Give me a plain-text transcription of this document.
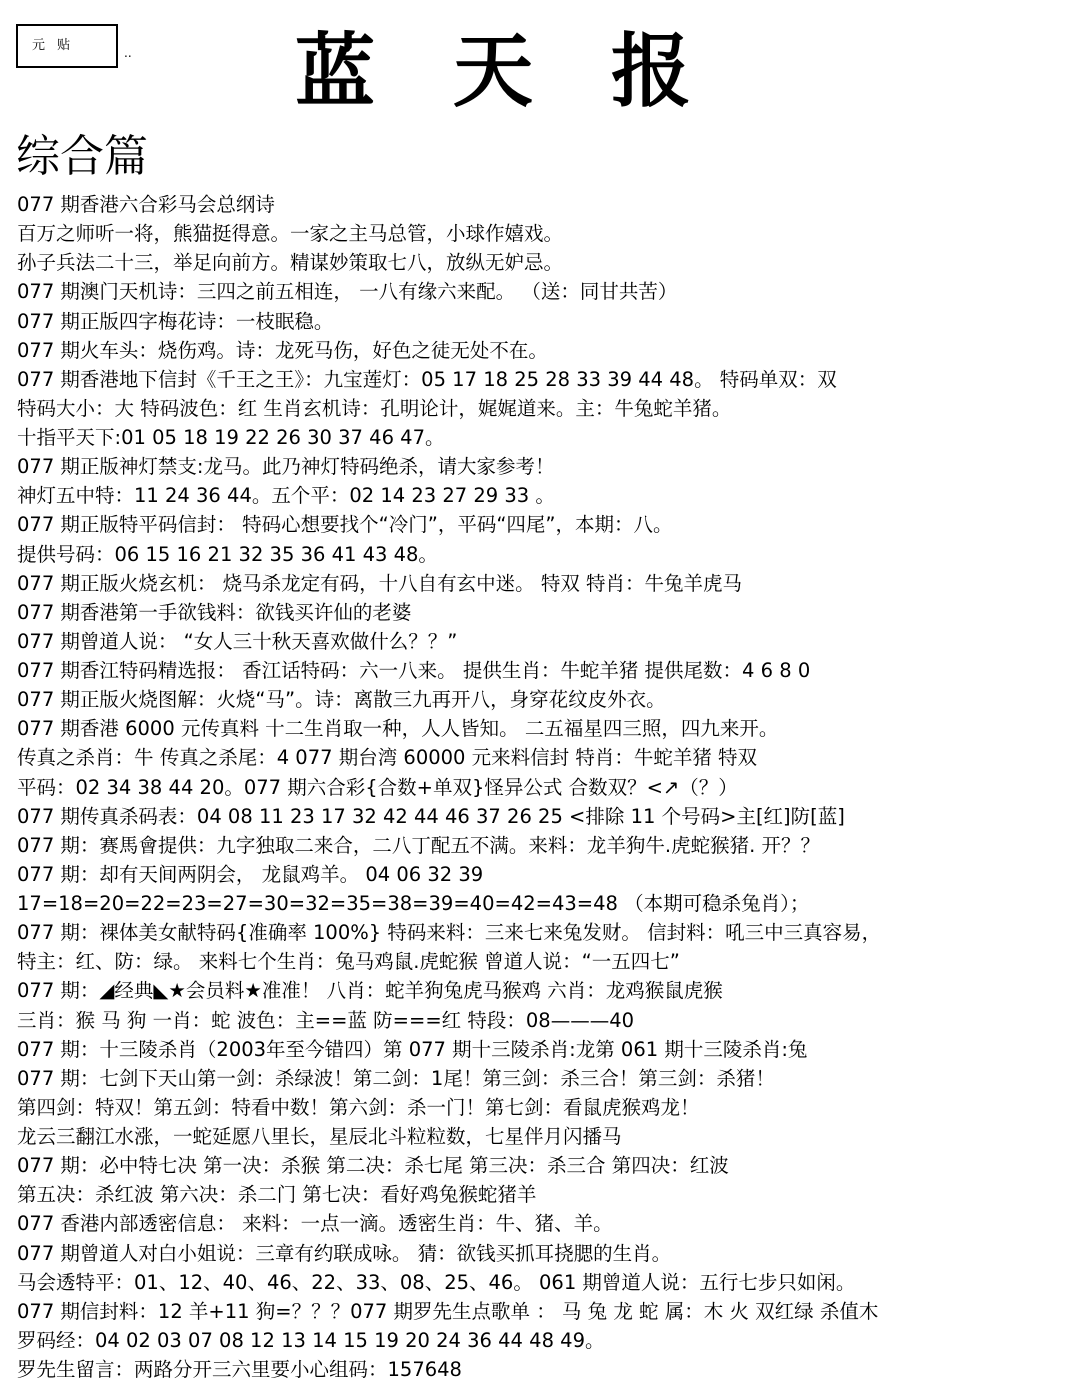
元 贴	.. 蓝天报
综合篇
077 期香港六合彩马会总纲诗
百万之师听一将，熊猫挺得意。一家之主马总管，小球作嬉戏。
孙子兵法二十三，举足向前方。精谋妙策取七八，放纵无妒忌。
077 期澳门天机诗：三四之前五相连， 一八有缘六来配。 （送：同甘共苦）
077 期正版四字梅花诗：一枝眠稳。
077 期火车头：烧伤鸡。诗：龙死马伤，好色之徒无处不在。
077 期香港地下信封《千王之王》：九宝莲灯：05 17 18 25 28 33 39 44 48。 特码单双：双
特码大小：大 特码波色：红 生肖玄机诗：孔明论计，娓娓道来。主：牛兔蛇羊猪。
十指平天下:01 05 18 19 22 26 30 37 46 47。
077 期正版神灯禁支:龙马。此乃神灯特码绝杀，请大家参考！
神灯五中特：11 24 36 44。五个平：02 14 23 27 29 33 。
077 期正版特平码信封： 特码心想要找个“冷门”，平码“四尾”，本期：八。
提供号码：06 15 16 21 32 35 36 41 43 48。
077 期正版火烧玄机： 烧马杀龙定有码，十八自有玄中迷。 特双 特肖：牛兔羊虎马
077 期香港第一手欲钱料：欲钱买许仙的老婆
077 期曾道人说： “女人三十秋天喜欢做什么？？”
077 期香江特码精选报： 香江话特码：六一八来。 提供生肖：牛蛇羊猪 提供尾数：4 6 8 0
077 期正版火烧图解：火烧“马”。诗：离散三九再开八，身穿花纹皮外衣。
077 期香港 6000 元传真料 十二生肖取一种，人人皆知。 二五福星四三照，四九来开。
传真之杀肖：牛 传真之杀尾：4 077 期台湾 60000 元来料信封 特肖：牛蛇羊猪 特双
平码：02 34 38 44 20。077 期六合彩{合数+单双}怪异公式 合数双？<↗（？）
077 期传真杀码表：04 08 11 23 17 32 42 44 46 37 26 25 <排除 11 个号码>主[红]防[蓝]
077 期：赛馬會提供：九字独取二来合，二八丁配五不满。来料：龙羊狗牛.虎蛇猴猪. 开？？
077 期：却有天间两阴会， 龙鼠鸡羊。 04 06 32 39
17=18=20=22=23=27=30=32=35=38=39=40=42=43=48 （本期可稳杀兔肖）；
077 期：裸体美女献特码{准确率 100%} 特码来料：三来七来兔发财。 信封料：吼三中三真容易，
特主：红、防：绿。 来料七个生肖：兔马鸡鼠.虎蛇猴 曾道人说：“一五四七”
077 期：◢经典◣★会员料★准准！ 八肖：蛇羊狗兔虎马猴鸡 六肖：龙鸡猴鼠虎猴
三肖：猴 马 狗 一肖：蛇 波色：主==蓝 防===红 特段：08———40
077 期：十三陵杀肖（2003年至今错四）第 077 期十三陵杀肖:龙第 061 期十三陵杀肖:兔
077 期：七剑下天山第一剑：杀绿波！第二剑：1尾！第三剑：杀三合！第三剑：杀猪！
第四剑：特双！第五剑：特看中数！第六剑：杀一门！第七剑：看鼠虎猴鸡龙！
龙云三翻江水涨，一蛇延愿八里长，星辰北斗粒粒数，七星伴月闪播马
077 期：必中特七决 第一决：杀猴 第二决：杀七尾 第三决：杀三合 第四决：红波
第五决：杀红波 第六决：杀二门 第七决：看好鸡兔猴蛇猪羊
077 香港内部透密信息： 来料：一点一滴。透密生肖：牛、猪、羊。
077 期曾道人对白小姐说：三章有约联成咏。 猜：欲钱买抓耳挠腮的生肖。
马会透特平：01、12、40、46、22、33、08、25、46。 061 期曾道人说：五行七步只如闲。
077 期信封料：12 羊+11 狗=？？？077 期罗先生点歌单 ： 马 兔 龙 蛇 属：木 火 双红绿 杀值木
罗码经：04 02 03 07 08 12 13 14 15 19 20 24 36 44 48 49。
罗先生留言：两路分开三六里要小心组码：157648
